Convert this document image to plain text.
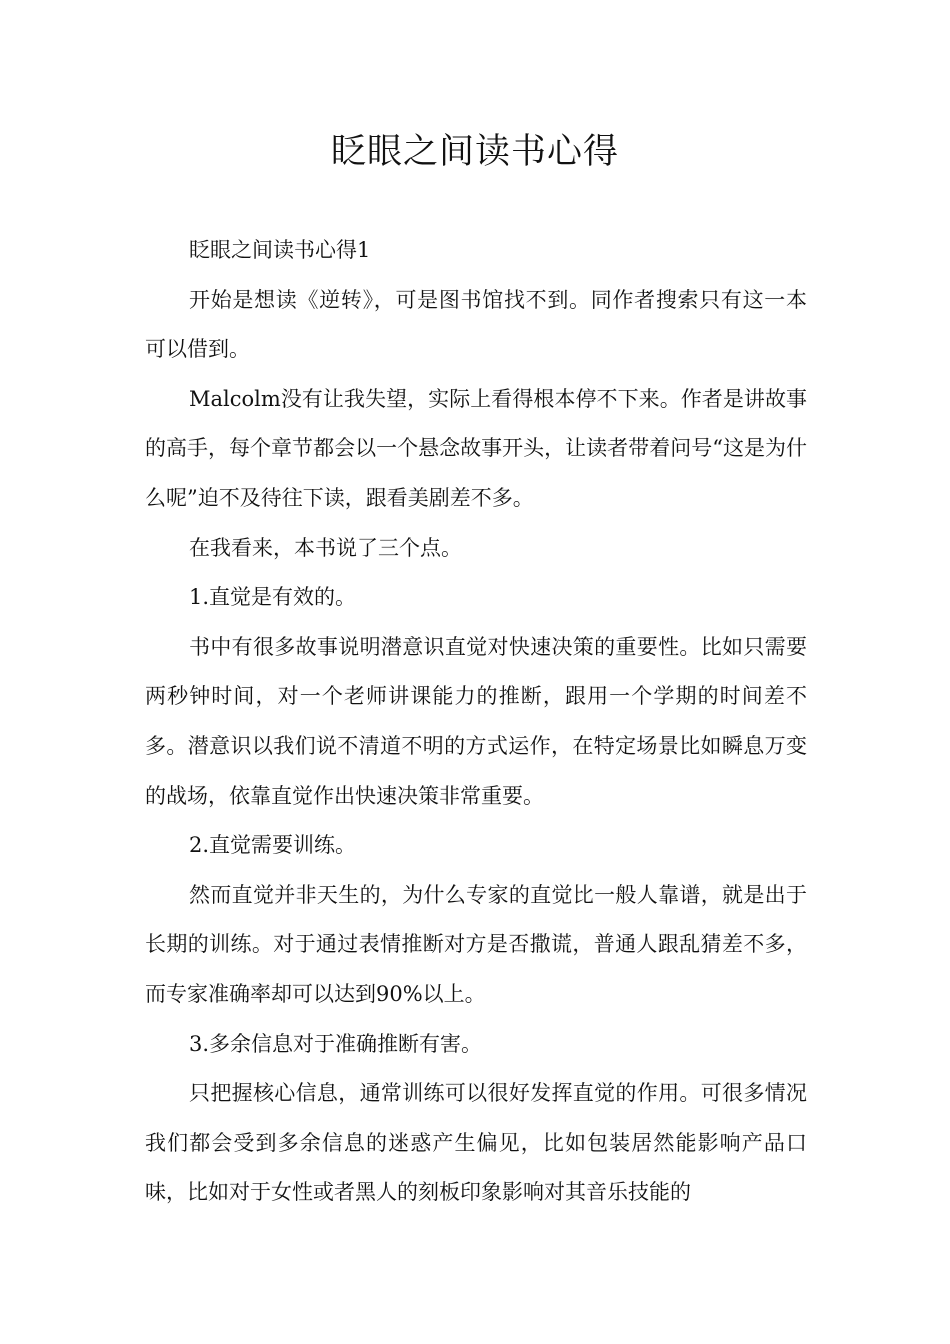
眨眼之间读书心得

眨眼之间读书心得1

开始是想读《逆转》，可是图书馆找不到。同作者搜索只有这一本可以借到。

Malcolm没有让我失望，实际上看得根本停不下来。作者是讲故事的高手，每个章节都会以一个悬念故事开头，让读者带着问号“这是为什么呢”迫不及待往下读，跟看美剧差不多。

在我看来，本书说了三个点。

1.直觉是有效的。

书中有很多故事说明潜意识直觉对快速决策的重要性。比如只需要两秒钟时间，对一个老师讲课能力的推断，跟用一个学期的时间差不多。潜意识以我们说不清道不明的方式运作，在特定场景比如瞬息万变的战场，依靠直觉作出快速决策非常重要。

2.直觉需要训练。

然而直觉并非天生的，为什么专家的直觉比一般人靠谱，就是出于长期的训练。对于通过表情推断对方是否撒谎，普通人跟乱猜差不多，而专家准确率却可以达到90%以上。

3.多余信息对于准确推断有害。

只把握核心信息，通常训练可以很好发挥直觉的作用。可很多情况我们都会受到多余信息的迷惑产生偏见，比如包装居然能影响产品口味，比如对于女性或者黑人的刻板印象影响对其音乐技能的
